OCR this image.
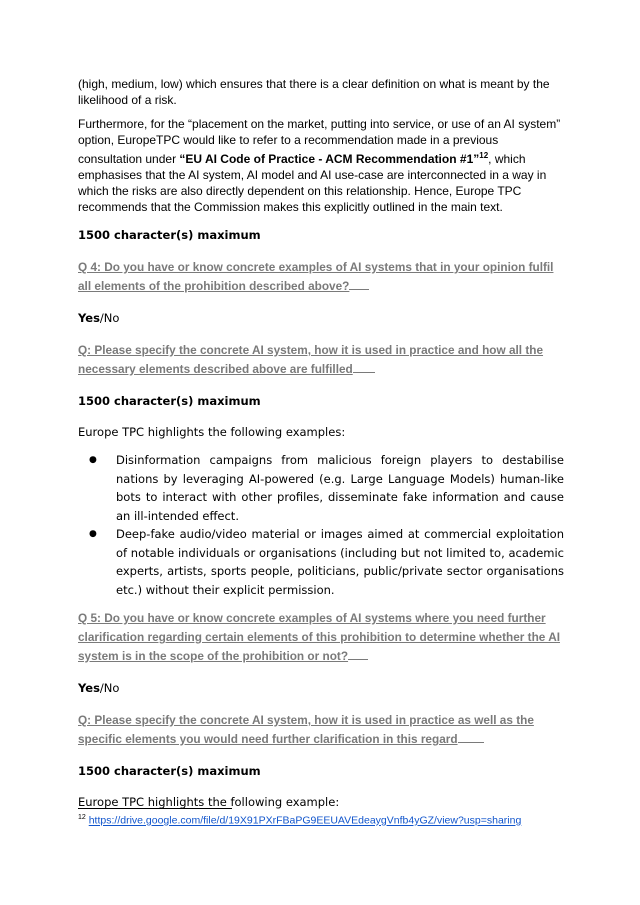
(high, medium, low) which ensures that there is a clear definition on what is meant by the likelihood of a risk.

Furthermore, for the “placement on the market, putting into service, or use of an AI system” option, EuropeTPC would like to refer to a recommendation made in a previous consultation under “EU AI Code of Practice - ACM Recommendation #1”$^{12}$, which emphasises that the AI system, AI model and AI use-case are interconnected in a way in which the risks are also directly dependent on this relationship. Hence, Europe TPC recommends that the Commission makes this explicitly outlined in the main text.

1500 character(s) maximum

Q 4: Do you have or know concrete examples of AI systems that in your opinion fulfil all elements of the prohibition described above?

Yes/No

Q: Please specify the concrete AI system, how it is used in practice and how all the necessary elements described above are fulfilled

1500 character(s) maximum

Europe TPC highlights the following examples:

● Disinformation campaigns from malicious foreign players to destabilise nations by leveraging AI-powered (e.g. Large Language Models) human-like bots to interact with other profiles, disseminate fake information and cause an ill-intended effect.
● Deep-fake audio/video material or images aimed at commercial exploitation of notable individuals or organisations (including but not limited to, academic experts, artists, sports people, politicians, public/private sector organisations etc.) without their explicit permission.

Q 5: Do you have or know concrete examples of AI systems where you need further clarification regarding certain elements of this prohibition to determine whether the AI system is in the scope of the prohibition or not?

Yes/No

Q: Please specify the concrete AI system, how it is used in practice as well as the specific elements you would need further clarification in this regard

1500 character(s) maximum

Europe TPC highlights the following example:

$^{12}$ https://drive.google.com/file/d/19X91PXrFBaPG9EEUAVEdeaygVnfb4yGZ/view?usp=sharing
